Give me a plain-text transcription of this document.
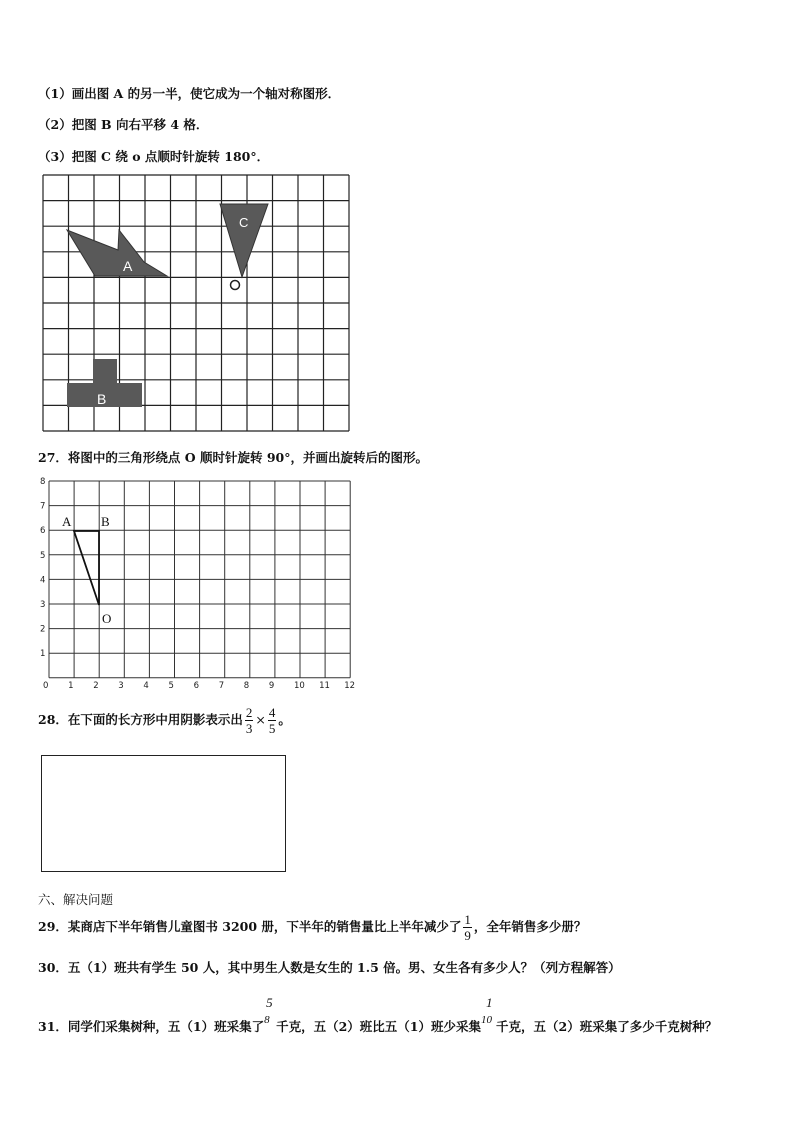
（1）画出图 A 的另一半，使它成为一个轴对称图形．
（2）把图 B 向右平移 4 格．
（3）把图 C 绕 o 点顺时针旋转 180°．
A
B
C
27．将图中的三角形绕点 O 顺时针旋转 90°，并画出旋转后的图形。
0 1 2 3 4 5 6 7 8 9 10 11 12
1
2
3
4
5
6
7
8
A B
O
28．在下面的长方形中用阴影表示出 $\frac{2}{3} \times \frac{4}{5}$ 。
六、解决问题
29．某商店下半年销售儿童图书 3200 册，下半年的销售量比上半年减少了 $\frac{1}{9}$ ，全年销售多少册？
30．五（1）班共有学生 50 人，其中男生人数是女生的 1.5 倍。男、女生各有多少人？（列方程解答）
31．同学们采集树种，五（1）班采集了
5
8 千克，五（2）班比五（1）班少采集
1
10 千克，五（2）班采集了多少千克树种？
